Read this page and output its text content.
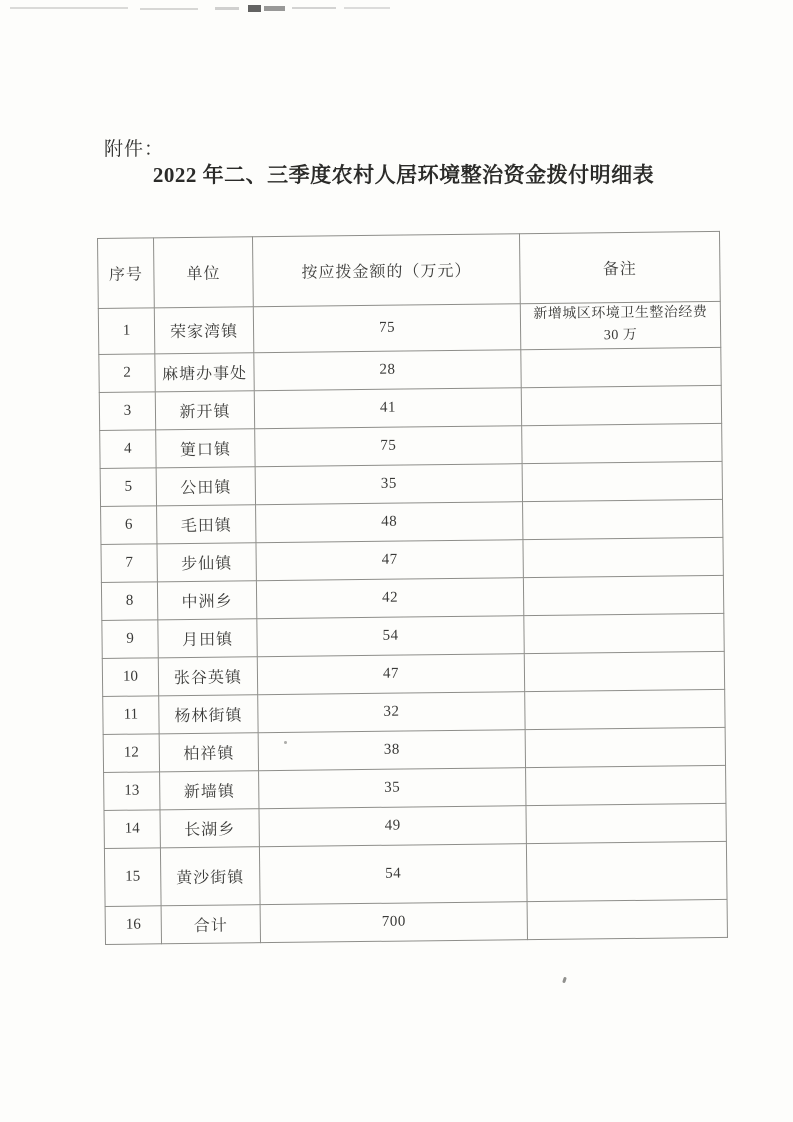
附件：
2022 年二、三季度农村人居环境整治资金拨付明细表
序号	单位	按应拨金额的（万元）	备注
1	荣家湾镇	75	新增城区环境卫生整治经费
30 万
2	麻塘办事处	28	
3	新开镇	41	
4	筻口镇	75	
5	公田镇	35	
6	毛田镇	48	
7	步仙镇	47	
8	中洲乡	42	
9	月田镇	54	
10	张谷英镇	47	
11	杨林街镇	32	
12	柏祥镇	38	
13	新墙镇	35	
14	长湖乡	49	
15	黄沙街镇	54	
16	合计	700	
